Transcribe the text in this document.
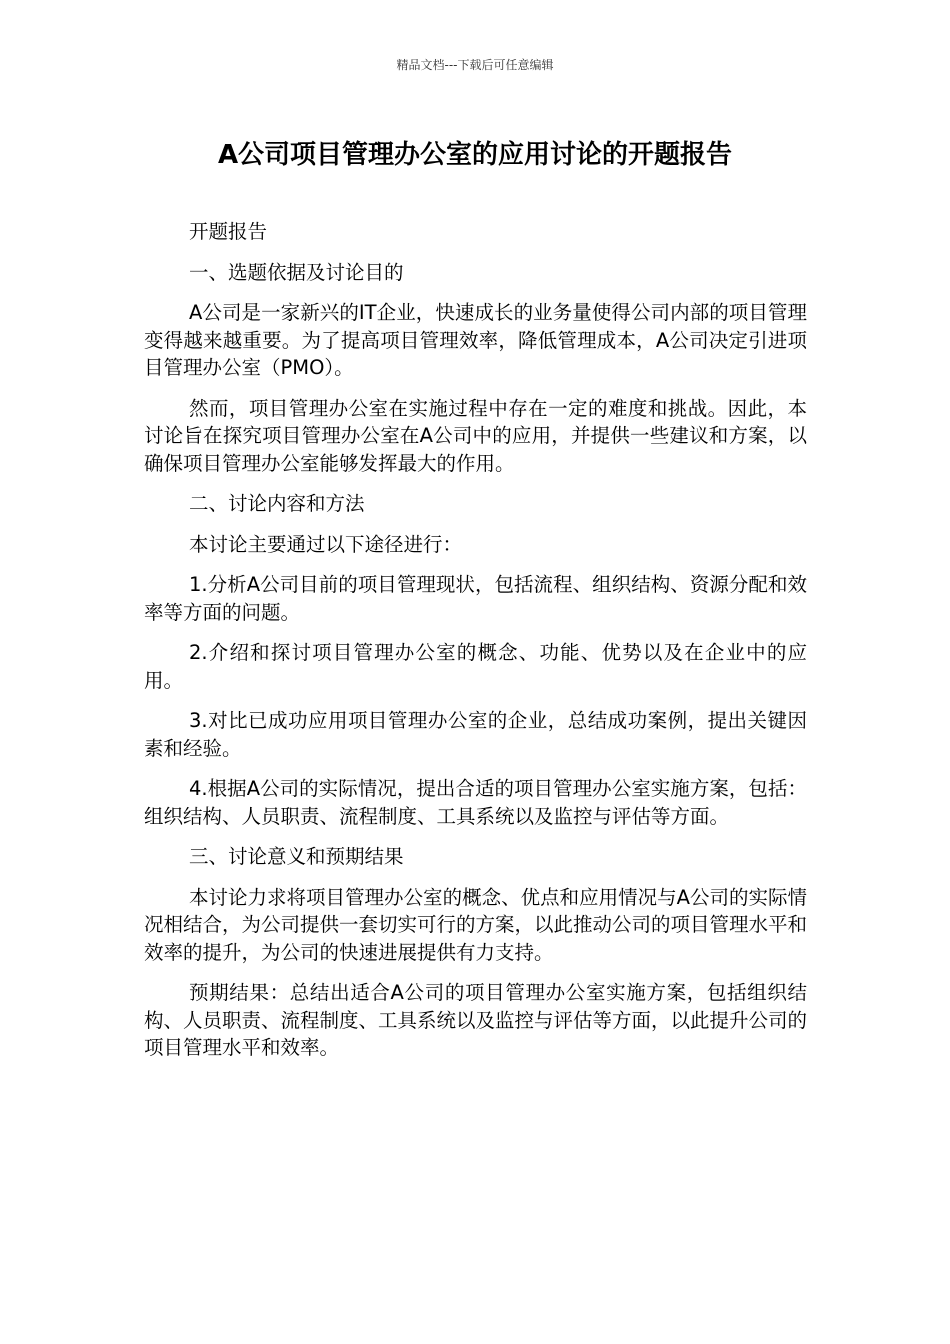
精品文档---下载后可任意编辑
A公司项目管理办公室的应用讨论的开题报告

开题报告

一、选题依据及讨论目的

A公司是一家新兴的IT企业，快速成长的业务量使得公司内部的项目管理变得越来越重要。为了提高项目管理效率，降低管理成本，A公司决定引进项目管理办公室（PMO）。

然而，项目管理办公室在实施过程中存在一定的难度和挑战。因此，本讨论旨在探究项目管理办公室在A公司中的应用，并提供一些建议和方案，以确保项目管理办公室能够发挥最大的作用。

二、讨论内容和方法

本讨论主要通过以下途径进行：

1.分析A公司目前的项目管理现状，包括流程、组织结构、资源分配和效率等方面的问题。

2.介绍和探讨项目管理办公室的概念、功能、优势以及在企业中的应用。

3.对比已成功应用项目管理办公室的企业，总结成功案例，提出关键因素和经验。

4.根据A公司的实际情况，提出合适的项目管理办公室实施方案，包括：组织结构、人员职责、流程制度、工具系统以及监控与评估等方面。

三、讨论意义和预期结果

本讨论力求将项目管理办公室的概念、优点和应用情况与A公司的实际情况相结合，为公司提供一套切实可行的方案，以此推动公司的项目管理水平和效率的提升，为公司的快速进展提供有力支持。

预期结果：总结出适合A公司的项目管理办公室实施方案，包括组织结构、人员职责、流程制度、工具系统以及监控与评估等方面，以此提升公司的项目管理水平和效率。
